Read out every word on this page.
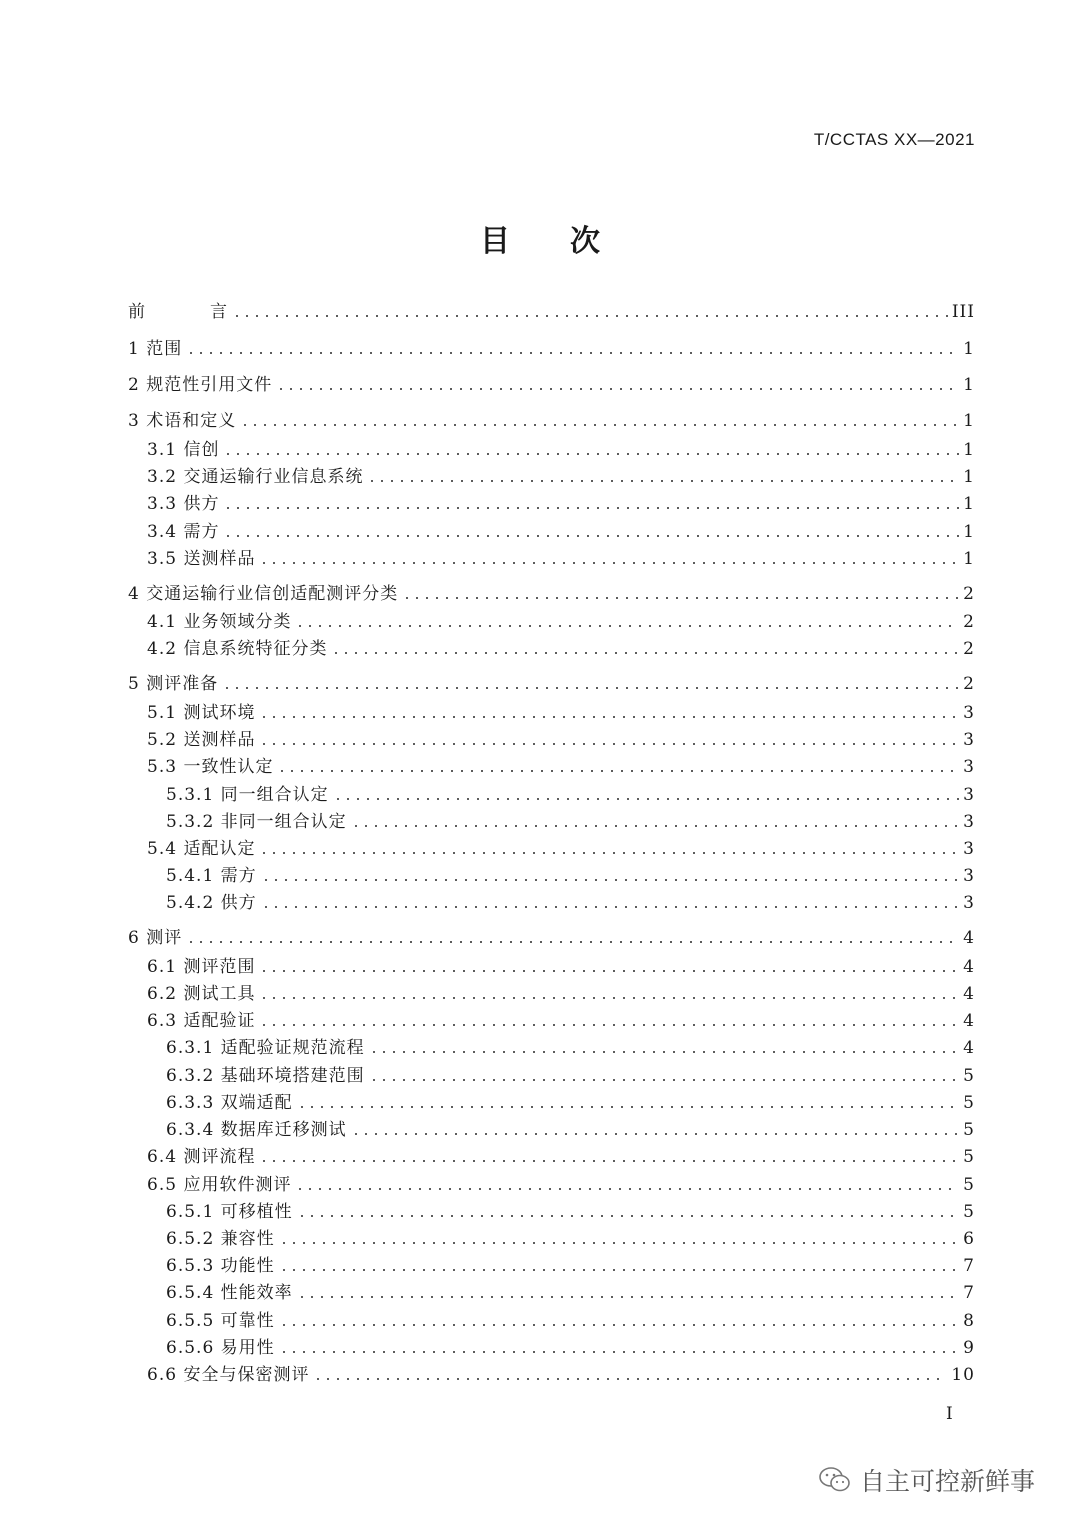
T/CCTAS XX—2021
目 次
前          言	III
1 范围	1
2 规范性引用文件	1
3 术语和定义	1
3.1 信创	1
3.2 交通运输行业信息系统	1
3.3 供方	1
3.4 需方	1
3.5 送测样品	1
4 交通运输行业信创适配测评分类	2
4.1 业务领域分类	2
4.2 信息系统特征分类	2
5 测评准备	2
5.1 测试环境	3
5.2 送测样品	3
5.3 一致性认定	3
5.3.1 同一组合认定	3
5.3.2 非同一组合认定	3
5.4 适配认定	3
5.4.1 需方	3
5.4.2 供方	3
6 测评	4
6.1 测评范围	4
6.2 测试工具	4
6.3 适配验证	4
6.3.1 适配验证规范流程	4
6.3.2 基础环境搭建范围	5
6.3.3 双端适配	5
6.3.4 数据库迁移测试	5
6.4 测评流程	5
6.5 应用软件测评	5
6.5.1 可移植性	5
6.5.2 兼容性	6
6.5.3 功能性	7
6.5.4 性能效率	7
6.5.5 可靠性	8
6.5.6 易用性	9
6.6 安全与保密测评	10
I
自主可控新鲜事
